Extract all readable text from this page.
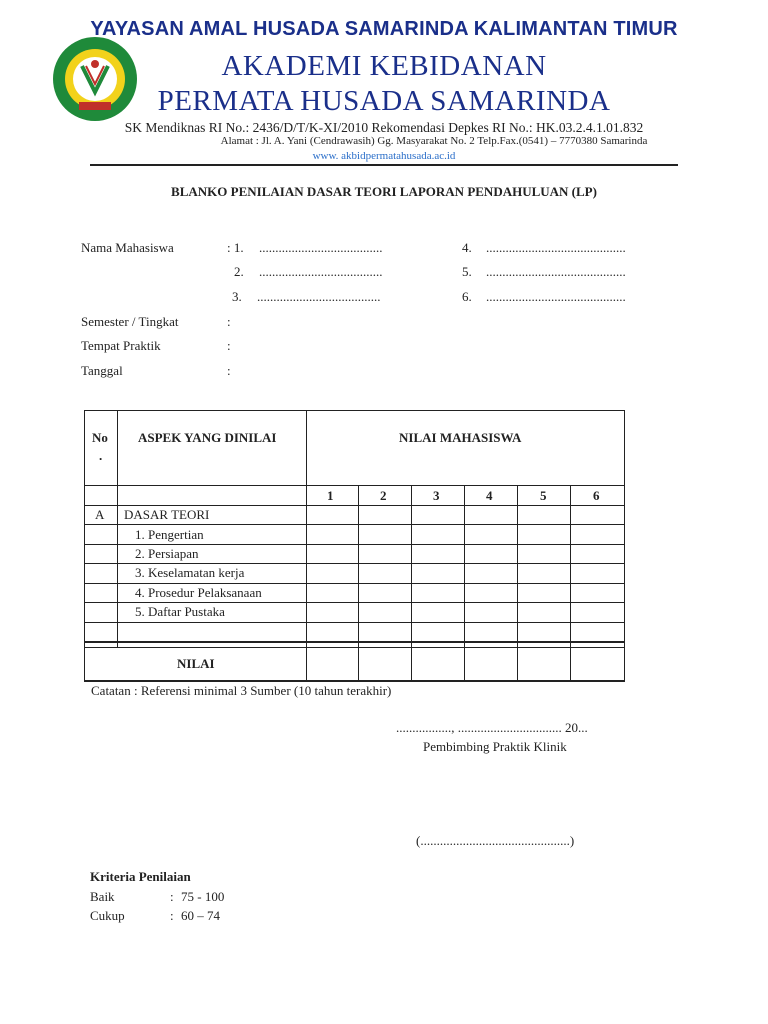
YAYASAN AMAL HUSADA SAMARINDA KALIMANTAN TIMUR
AKADEMI KEBIDANAN
PERMATA HUSADA SAMARINDA
SK Mendiknas RI No.: 2436/D/T/K-XI/2010 Rekomendasi Depkes RI No.: HK.03.2.4.1.01.832
Alamat : Jl. A. Yani (Cendrawasih) Gg. Masyarakat No. 2 Telp.Fax.(0541) – 7770380 Samarinda
www. akbidpermatahusada.ac.id
BLANKO PENILAIAN DASAR TEORI LAPORAN PENDAHULUAN (LP)
Nama Mahasiswa	: 1. ......................................	4. ...........................................
2. ......................................	5. ...........................................
3. ......................................	6. ...........................................
Semester / Tingkat	:
Tempat Praktik	:
Tanggal	:
No
.
ASPEK YANG DINILAI	NILAI MAHASISWA
1	2	3	4	5	6
A DASAR TEORI
1. Pengertian
2. Persiapan
3. Keselamatan kerja
4. Prosedur Pelaksanaan
5. Daftar Pustaka
NILAI
Catatan : Referensi minimal 3 Sumber (10 tahun terakhir)
................., ................................ 20...
Pembimbing Praktik Klinik
(..............................................)
Kriteria Penilaian
Baik	: 75 - 100
Cukup	: 60 – 74
